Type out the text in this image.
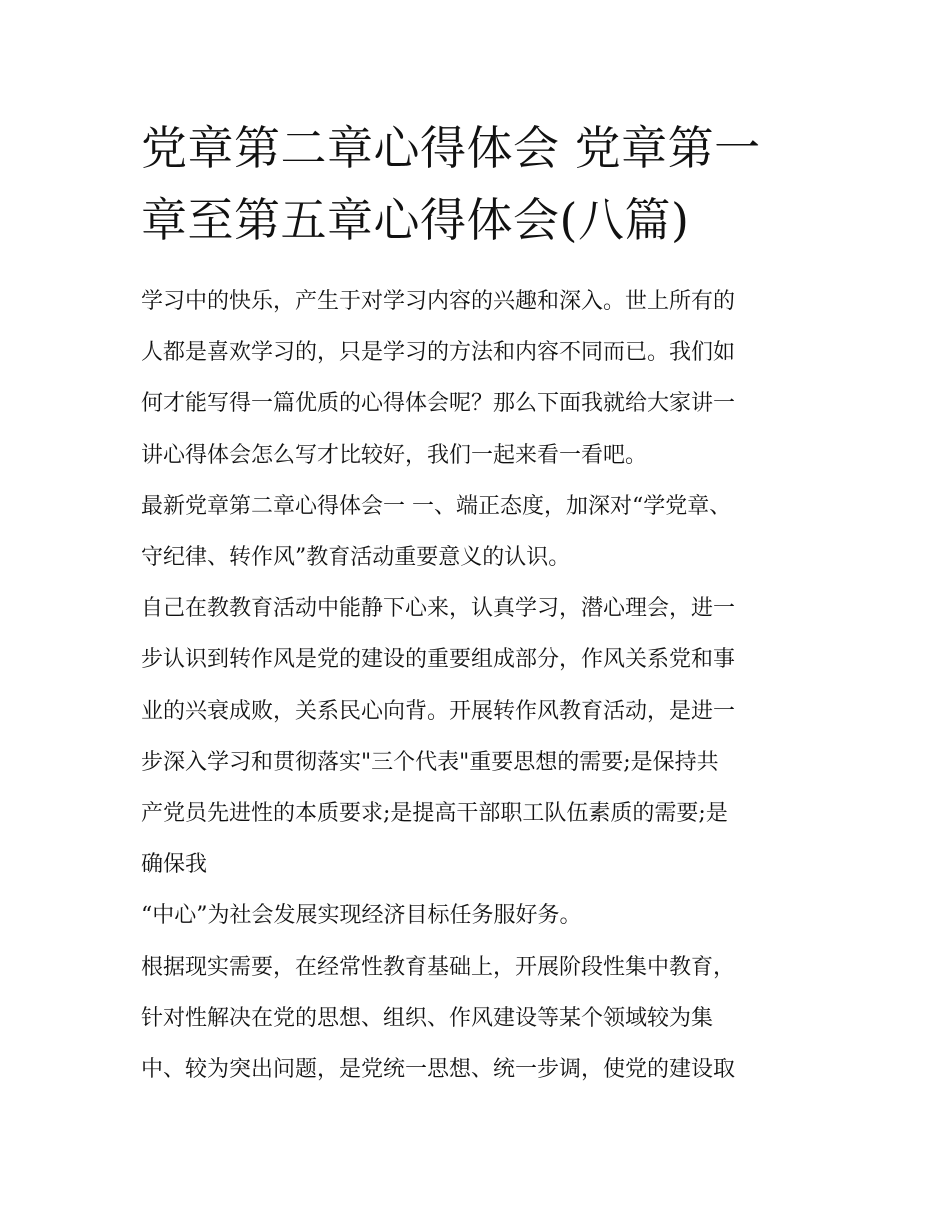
党章第二章心得体会 党章第一
章至第五章心得体会(八篇)
学习中的快乐，产生于对学习内容的兴趣和深入。世上所有的
人都是喜欢学习的，只是学习的方法和内容不同而已。我们如
何才能写得一篇优质的心得体会呢？那么下面我就给大家讲一
讲心得体会怎么写才比较好，我们一起来看一看吧。
最新党章第二章心得体会一 一、端正态度，加深对“学党章、
守纪律、转作风”教育活动重要意义的认识。
自己在教教育活动中能静下心来，认真学习，潜心理会，进一
步认识到转作风是党的建设的重要组成部分，作风关系党和事
业的兴衰成败，关系民心向背。开展转作风教育活动，是进一
步深入学习和贯彻落实"三个代表"重要思想的需要;是保持共
产党员先进性的本质要求;是提高干部职工队伍素质的需要;是
确保我
“中心”为社会发展实现经济目标任务服好务。
根据现实需要，在经常性教育基础上，开展阶段性集中教育，
针对性解决在党的思想、组织、作风建设等某个领域较为集
中、较为突出问题，是党统一思想、统一步调，使党的建设取
